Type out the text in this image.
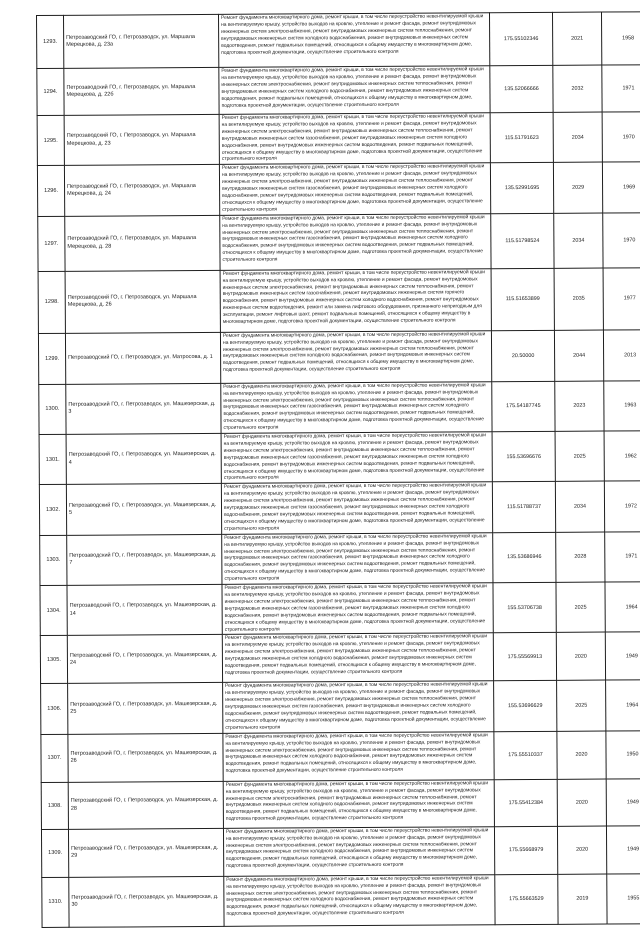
1293.	Петрозаводский ГО, г. Петрозаводск, ул. Маршала Мерецкова, д. 23а	Ремонт фундамента многоквартирного дома, ремонт крыши, в том числе переустройство невентилируемой крыши на вентилируемую крышу, устройство выходов на кровлю, утепление и ремонт фасада, ремонт внутридомовых инженерных систем электроснабжения, ремонт внутридомовых инженерных систем теплоснабжения, ремонт внутридомовых инженерных систем холодного водоснабжения, ремонт внутридомовых инженерных систем водоотведения, ремонт подвальных помещений, относящихся к общему имуществу в многоквартирном доме, подготовка проектной документации, осуществление строительного контроля	175.55102346	2021	1958
1294.	Петрозаводский ГО, г. Петрозаводск, ул. Маршала Мерецкова, д. 22б	Ремонт фундамента многоквартирного дома, ремонт крыши, в том числе переустройство невентилируемой крыши на вентилируемую крышу, устройство выходов на кровлю, утепление и ремонт фасада, ремонт внутридомовых инженерных систем электроснабжения, ремонт внутридомовых инженерных систем теплоснабжения, ремонт внутридомовых инженерных систем холодного водоснабжения, ремонт внутридомовых инженерных систем водоотведения, ремонт подвальных помещений, относящихся к общему имуществу в многоквартирном доме, подготовка проектной документации, осуществление строительного контроля	135.52066666	2032	1971
1295.	Петрозаводский ГО, г. Петрозаводск, ул. Маршала Мерецкова, д. 23	Ремонт фундамента многоквартирного дома, ремонт крыши, в том числе переустройство невентилируемой крыши на вентилируемую крышу, устройство выходов на кровлю, утепление и ремонт фасада, ремонт внутридомовых инженерных систем электроснабжения, ремонт внутридомовых инженерных систем теплоснабжения, ремонт внутридомовых инженерных систем газоснабжения, ремонт внутридомовых инженерных систем холодного водоснабжения, ремонт внутридомовых инженерных систем водоотведения, ремонт подвальных помещений, относящихся к общему имуществу в многоквартирном доме, подготовка проектной документации, осуществление строительного контроля	115.51791623	2034	1970
1296.	Петрозаводский ГО, г. Петрозаводск, ул. Маршала Мерецкова, д. 24	Ремонт фундамента многоквартирного дома, ремонт крыши, в том числе переустройство невентилируемой крыши на вентилируемую крышу, устройство выходов на кровлю, утепление и ремонт фасада, ремонт внутридомовых инженерных систем электроснабжения, ремонт внутридомовых инженерных систем теплоснабжения, ремонт внутридомовых инженерных систем газоснабжения, ремонт внутридомовых инженерных систем холодного водоснабжения, ремонт внутридомовых инженерных систем водоотведения, ремонт подвальных помещений, относящихся к общему имуществу в многоквартирном доме, подготовка проектной документации, осуществление строительного контроля	135.52991695	2029	1969
1297.	Петрозаводский ГО, г. Петрозаводск, ул. Маршала Мерецкова, д. 28	Ремонт фундамента многоквартирного дома, ремонт крыши, в том числе переустройство невентилируемой крыши на вентилируемую крышу, устройство выходов на кровлю, утепление и ремонт фасада, ремонт внутридомовых инженерных систем электроснабжения, ремонт внутридомовых инженерных систем теплоснабжения, ремонт внутридомовых инженерных систем газоснабжения, ремонт внутридомовых инженерных систем холодного водоснабжения, ремонт внутридомовых инженерных систем водоотведения, ремонт подвальных помещений, относящихся к общему имуществу в многоквартирном доме, подготовка проектной документации, осуществление строительного контроля	115.51798524	2034	1970
1298.	Петрозаводский ГО, г. Петрозаводск, ул. Маршала Мерецкова, д. 26	Ремонт фундамента многоквартирного дома, ремонт крыши, в том числе переустройство невентилируемой крыши на вентилируемую крышу, устройство выходов на кровлю, утепление и ремонт фасада, ремонт внутридомовых инженерных систем электроснабжения, ремонт внутридомовых инженерных систем теплоснабжения, ремонт внутридомовых инженерных систем газоснабжения, ремонт внутридомовых инженерных систем горячего водоснабжения, ремонт внутридомовых инженерных систем холодного водоснабжения, ремонт внутридомовых инженерных систем водоотведения, ремонт или замена лифтового оборудования, признанного непригодным для эксплуатации, ремонт лифтовых шахт, ремонт подвальных помещений, относящихся к общему имуществу в многоквартирном доме, подготовка проектной документации, осуществление строительного контроля	115.51653899	2035	1977
1299.	Петрозаводский ГО, г. Петрозаводск, ул. Матросова, д. 1	Ремонт фундамента многоквартирного дома, ремонт крыши, в том числе переустройство невентилируемой крыши на вентилируемую крышу, устройство выходов на кровлю, утепление и ремонт фасада, ремонт внутридомовых инженерных систем электроснабжения, ремонт внутридомовых инженерных систем теплоснабжения, ремонт внутридомовых инженерных систем холодного водоснабжения, ремонт внутридомовых инженерных систем водоотведения, ремонт подвальных помещений, относящихся к общему имуществу в многоквартирном доме, подготовка проектной документации, осуществление строительного контроля	20.50000	2044	2013
1300.	Петрозаводский ГО, г. Петрозаводск, ул. Машезерская, д. 3	Ремонт фундамента многоквартирного дома, ремонт крыши, в том числе переустройство невентилируемой крыши на вентилируемую крышу, устройство выходов на кровлю, утепление и ремонт фасада, ремонт внутридомовых инженерных систем электроснабжения, ремонт внутридомовых инженерных систем теплоснабжения, ремонт внутридомовых инженерных систем газоснабжения, ремонт внутридомовых инженерных систем холодного водоснабжения, ремонт внутридомовых инженерных систем водоотведения, ремонт подвальных помещений, относящихся к общему имуществу в многоквартирном доме, подготовка проектной документации, осуществление строительного контроля	175.54187745	2023	1963
1301.	Петрозаводский ГО, г. Петрозаводск, ул. Машезерская, д. 4	Ремонт фундамента многоквартирного дома, ремонт крыши, в том числе переустройство невентилируемой крыши на вентилируемую крышу, устройство выходов на кровлю, утепление и ремонт фасада, ремонт внутридомовых инженерных систем электроснабжения, ремонт внутридомовых инженерных систем теплоснабжения, ремонт внутридомовых инженерных систем газоснабжения, ремонт внутридомовых инженерных систем холодного водоснабжения, ремонт внутридомовых инженерных систем водоотведения, ремонт подвальных помещений, относящихся к общему имуществу в многоквартирном доме, подготовка проектной документации, осуществление строительного контроля	155.53696676	2025	1962
1302.	Петрозаводский ГО, г. Петрозаводск, ул. Машезерская, д. 5	Ремонт фундамента многоквартирного дома, ремонт крыши, в том числе переустройство невентилируемой крыши на вентилируемую крышу, устройство выходов на кровлю, утепление и ремонт фасада, ремонт внутридомовых инженерных систем электроснабжения, ремонт внутридомовых инженерных систем теплоснабжения, ремонт внутридомовых инженерных систем газоснабжения, ремонт внутридомовых инженерных систем холодного водоснабжения, ремонт внутридомовых инженерных систем водоотведения, ремонт подвальных помещений, относящихся к общему имуществу в многоквартирном доме, подготовка проектной документации, осуществление строительного контроля	115.51788737	2034	1972
1303.	Петрозаводский ГО, г. Петрозаводск, ул. Машезерская, д. 7	Ремонт фундамента многоквартирного дома, ремонт крыши, в том числе переустройство невентилируемой крыши на вентилируемую крышу, устройство выходов на кровлю, утепление и ремонт фасада, ремонт внутридомовых инженерных систем электроснабжения, ремонт внутридомовых инженерных систем теплоснабжения, ремонт внутридомовых инженерных систем газоснабжения, ремонт внутридомовых инженерных систем холодного водоснабжения, ремонт внутридомовых инженерных систем водоотведения, ремонт подвальных помещений, относящихся к общему имуществу в многоквартирном доме, подготовка проектной документации, осуществление строительного контроля	135.53686946	2028	1971
1304.	Петрозаводский ГО, г. Петрозаводск, ул. Машезерская, д. 14	Ремонт фундамента многоквартирного дома, ремонт крыши, в том числе переустройство невентилируемой крыши на вентилируемую крышу, устройство выходов на кровлю, утепление и ремонт фасада, ремонт внутридомовых инженерных систем электроснабжения, ремонт внутридомовых инженерных систем теплоснабжения, ремонт внутридомовых инженерных систем газоснабжения, ремонт внутридомовых инженерных систем холодного водоснабжения, ремонт внутридомовых инженерных систем водоотведения, ремонт подвальных помещений, относящихся к общему имуществу в многоквартирном доме, подготовка проектной документации, осуществление строительного контроля	155.53706738	2025	1964
1305.	Петрозаводский ГО, г. Петрозаводск, ул. Машезерская, д. 24	Ремонт фундамента многоквартирного дома, ремонт крыши, в том числе переустройство невентилируемой крыши на вентилируемую крышу, устройство выходов на кровлю, утепление и ремонт фасада, ремонт внутридомовых инженерных систем электроснабжения, ремонт внутридомовых инженерных систем теплоснабжения, ремонт внутридомовых инженерных систем холодного водоснабжения, ремонт внутридомовых инженерных систем водоотведения, ремонт подвальных помещений, относящихся к общему имуществу в многоквартирном доме, подготовка проектной документации, осуществление строительного контроля	175.55569913	2020	1949
1306.	Петрозаводский ГО, г. Петрозаводск, ул. Машезерская, д. 25	Ремонт фундамента многоквартирного дома, ремонт крыши, в том числе переустройство невентилируемой крыши на вентилируемую крышу, устройство выходов на кровлю, утепление и ремонт фасада, ремонт внутридомовых инженерных систем электроснабжения, ремонт внутридомовых инженерных систем теплоснабжения, ремонт внутридомовых инженерных систем газоснабжения, ремонт внутридомовых инженерных систем холодного водоснабжения, ремонт внутридомовых инженерных систем водоотведения, ремонт подвальных помещений, относящихся к общему имуществу в многоквартирном доме, подготовка проектной документации, осуществление строительного контроля	155.53696629	2025	1964
1307.	Петрозаводский ГО, г. Петрозаводск, ул. Машезерская, д. 26	Ремонт фундамента многоквартирного дома, ремонт крыши, в том числе переустройство невентилируемой крыши на вентилируемую крышу, устройство выходов на кровлю, утепление и ремонт фасада, ремонт внутридомовых инженерных систем электроснабжения, ремонт внутридомовых инженерных систем теплоснабжения, ремонт внутридомовых инженерных систем холодного водоснабжения, ремонт внутридомовых инженерных систем водоотведения, ремонт подвальных помещений, относящихся к общему имуществу в многоквартирном доме, подготовка проектной документации, осуществление строительного контроля	175.55510337	2020	1950
1308.	Петрозаводский ГО, г. Петрозаводск, ул. Машезерская, д. 28	Ремонт фундамента многоквартирного дома, ремонт крыши, в том числе переустройство невентилируемой крыши на вентилируемую крышу, устройство выходов на кровлю, утепление и ремонт фасада, ремонт внутридомовых инженерных систем электроснабжения, ремонт внутридомовых инженерных систем теплоснабжения, ремонт внутридомовых инженерных систем холодного водоснабжения, ремонт внутридомовых инженерных систем водоотведения, ремонт подвальных помещений, относящихся к общему имуществу в многоквартирном доме, подготовка проектной документации, осуществление строительного контроля	175.55412384	2020	1949
1309.	Петрозаводский ГО, г. Петрозаводск, ул. Машезерская, д. 29	Ремонт фундамента многоквартирного дома, ремонт крыши, в том числе переустройство невентилируемой крыши на вентилируемую крышу, устройство выходов на кровлю, утепление и ремонт фасада, ремонт внутридомовых инженерных систем электроснабжения, ремонт внутридомовых инженерных систем теплоснабжения, ремонт внутридомовых инженерных систем холодного водоснабжения, ремонт внутридомовых инженерных систем водоотведения, ремонт подвальных помещений, относящихся к общему имуществу в многоквартирном доме, подготовка проектной документации, осуществление строительного контроля	175.55668979	2020	1949
1310.	Петрозаводский ГО, г. Петрозаводск, ул. Машезерская, д. 30	Ремонт фундамента многоквартирного дома, ремонт крыши, в том числе переустройство невентилируемой крыши на вентилируемую крышу, устройство выходов на кровлю, утепление и ремонт фасада, ремонт внутридомовых инженерных систем электроснабжения, ремонт внутридомовых инженерных систем теплоснабжения, ремонт внутридомовых инженерных систем холодного водоснабжения, ремонт внутридомовых инженерных систем водоотведения, ремонт подвальных помещений, относящихся к общему имуществу в многоквартирном доме, подготовка проектной документации, осуществление строительного контроля	175.55663529	2019	1955
